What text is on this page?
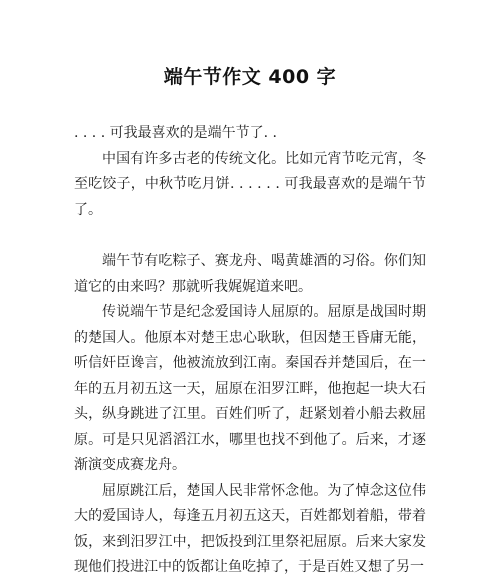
端午节作文 400 字

. . . . 可我最喜欢的是端午节了. .

中国有许多古老的传统文化。比如元宵节吃元宵，冬至吃饺子，中秋节吃月饼. . . . . . 可我最喜欢的是端午节了。

端午节有吃粽子、赛龙舟、喝黄雄酒的习俗。你们知道它的由来吗？那就听我娓娓道来吧。

传说端午节是纪念爱国诗人屈原的。屈原是战国时期的楚国人。他原本对楚王忠心耿耿，但因楚王昏庸无能，听信奸臣谗言，他被流放到江南。秦国吞并楚国后，在一年的五月初五这一天，屈原在汨罗江畔，他抱起一块大石头，纵身跳进了江里。百姓们听了，赶紧划着小船去救屈原。可是只见滔滔江水，哪里也找不到他了。后来，才逐渐演变成赛龙舟。

屈原跳江后，楚国人民非常怀念他。为了悼念这位伟大的爱国诗人，每逢五月初五这天，百姓都划着船，带着饭，来到汨罗江中，把饭投到江里祭祀屈原。后来大家发现他们投进江中的饭都让鱼吃掉了，于是百姓又想了另一
